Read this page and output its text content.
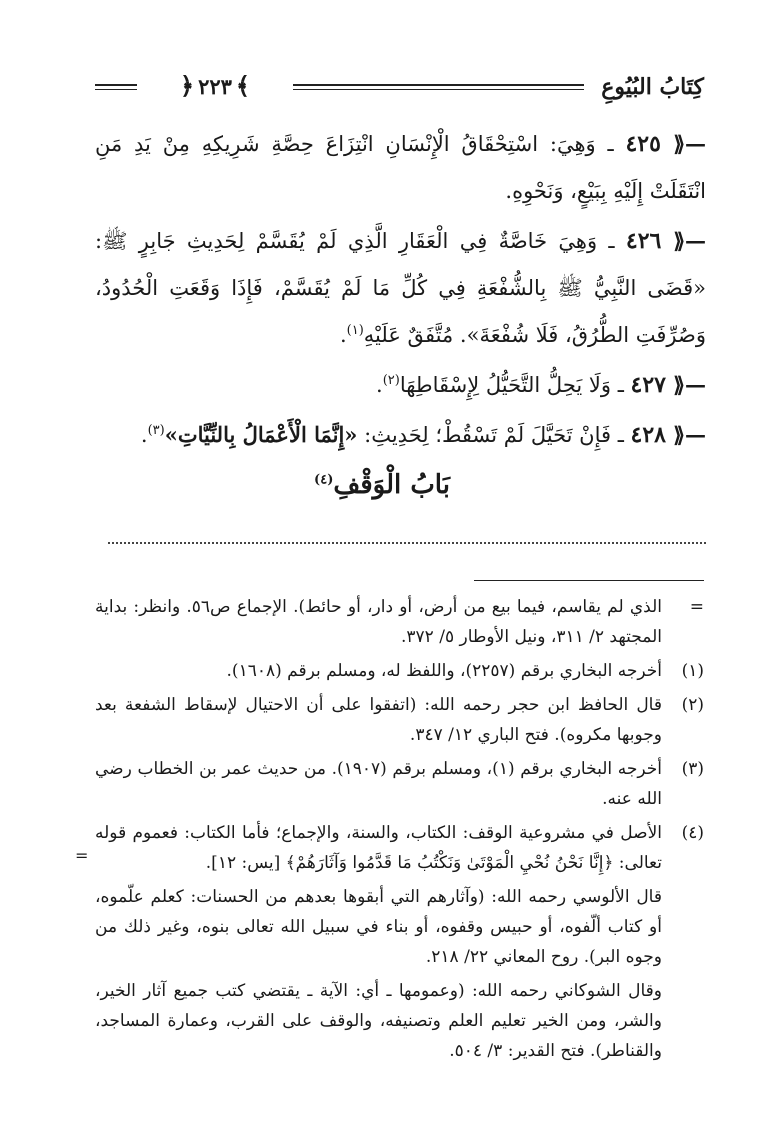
كِتَابُ البُيُوعِ
﴾
٢٢٣
﴿

—⟪ ٤٢٥ ـ وَهِيَ: اسْتِحْقَاقُ الْإِنْسَانِ انْتِزَاعَ حِصَّةِ شَرِيكِهِ مِنْ يَدِ مَنِ انْتَقَلَتْ إِلَيْهِ بِبَيْعٍ، وَنَحْوِهِ.

—⟪ ٤٢٦ ـ وَهِيَ خَاصَّةٌ فِي الْعَقَارِ الَّذِي لَمْ يُقَسَّمْ لِحَدِيثِ جَابِرٍ ﷺ: «قَضَى النَّبِيُّ ﷺ بِالشُّفْعَةِ فِي كُلِّ مَا لَمْ يُقَسَّمْ، فَإِذَا وَقَعَتِ الْحُدُودُ، وَصُرِّفَتِ الطُّرُقُ، فَلَا شُفْعَةَ». مُتَّفَقٌ عَلَيْهِ$^{(١)}$.

—⟪ ٤٢٧ ـ وَلَا يَحِلُّ التَّحَيُّلُ لِإِسْقَاطِهَا$^{(٢)}$.

—⟪ ٤٢٨ ـ فَإِنْ تَحَيَّلَ لَمْ تَسْقُطْ؛ لِحَدِيثِ: «إِنَّمَا الْأَعْمَالُ بِالنِّيَّاتِ»$^{(٣)}$.

بَابُ الْوَقْفِ$^{(٤)}$
=
الذي لم يقاسم، فيما بيع من أرض، أو دار، أو حائط). الإجماع ص٥٦. وانظر: بداية المجتهد ٢/ ٣١١، ونيل الأوطار ٥/ ٣٧٢.
(١)
أخرجه البخاري برقم (٢٢٥٧)، واللفظ له، ومسلم برقم (١٦٠٨).
(٢)
قال الحافظ ابن حجر رحمه الله: (اتفقوا على أن الاحتيال لإسقاط الشفعة بعد وجوبها مكروه). فتح الباري ١٢/ ٣٤٧.
(٣)
أخرجه البخاري برقم (١)، ومسلم برقم (١٩٠٧). من حديث عمر بن الخطاب رضي الله عنه.
(٤)
الأصل في مشروعية الوقف: الكتاب، والسنة، والإجماع؛ فأما الكتاب: فعموم قوله تعالى: ﴿إِنَّا نَحْنُ نُحْيِ الْمَوْتَىٰ وَنَكْتُبُ مَا قَدَّمُوا وَآثَارَهُمْ﴾ [يس: ١٢].
قال الألوسي رحمه الله: (وآثارهم التي أبقوها بعدهم من الحسنات: كعلم علّموه، أو كتاب ألّفوه، أو حبيس وقفوه، أو بناء في سبيل الله تعالى بنوه، وغير ذلك من وجوه البر). روح المعاني ٢٢/ ٢١٨.
وقال الشوكاني رحمه الله: (وعمومها ـ أي: الآية ـ يقتضي كتب جميع آثار الخير، والشر، ومن الخير تعليم العلم وتصنيفه، والوقف على القرب، وعمارة المساجد، والقناطر). فتح القدير: ٣/ ٥٠٤.
=
